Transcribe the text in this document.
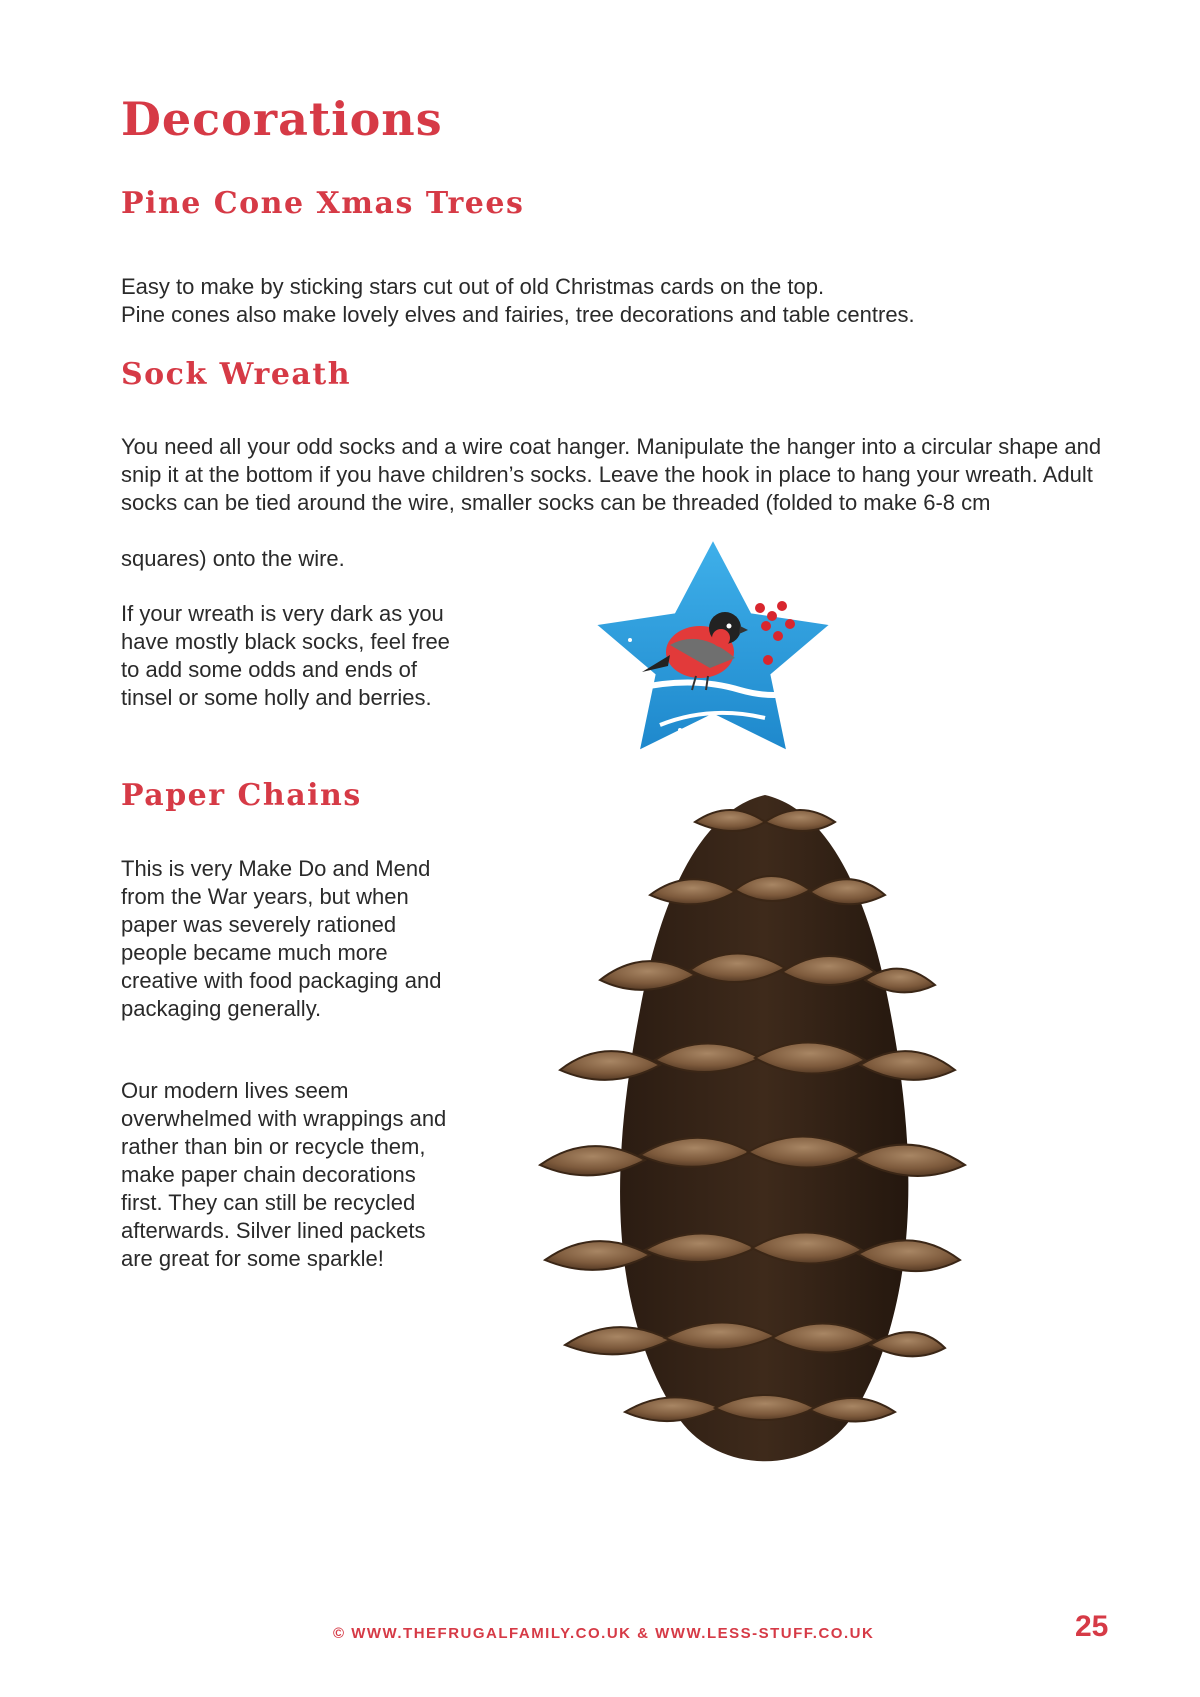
Decorations
Pine Cone Xmas Trees

Easy to make by sticking stars cut out of old Christmas cards on the top.

Pine cones also make lovely elves and fairies, tree decorations and table centres.

Sock Wreath

You need all your odd socks and a wire coat hanger. Manipulate the hanger into a circular shape and snip it at the bottom if you have children’s socks. Leave the hook in place to hang your wreath. Adult socks can be tied around the wire, smaller socks can be threaded (folded to make 6-8 cm

squares) onto the wire.

If your wreath is very dark as you have mostly black socks, feel free to add some odds and ends of tinsel or some holly and berries.

Paper Chains

This is very Make Do and Mend from the War years, but when paper was severely rationed people became much more creative with food packaging and packaging generally.

Our modern lives seem overwhelmed with wrappings and rather than bin or recycle them, make paper chain decorations first. They can still be recycled afterwards. Silver lined packets are great for some sparkle!

© WWW.THEFRUGALFAMILY.CO.UK & WWW.LESS-STUFF.CO.UK	25
